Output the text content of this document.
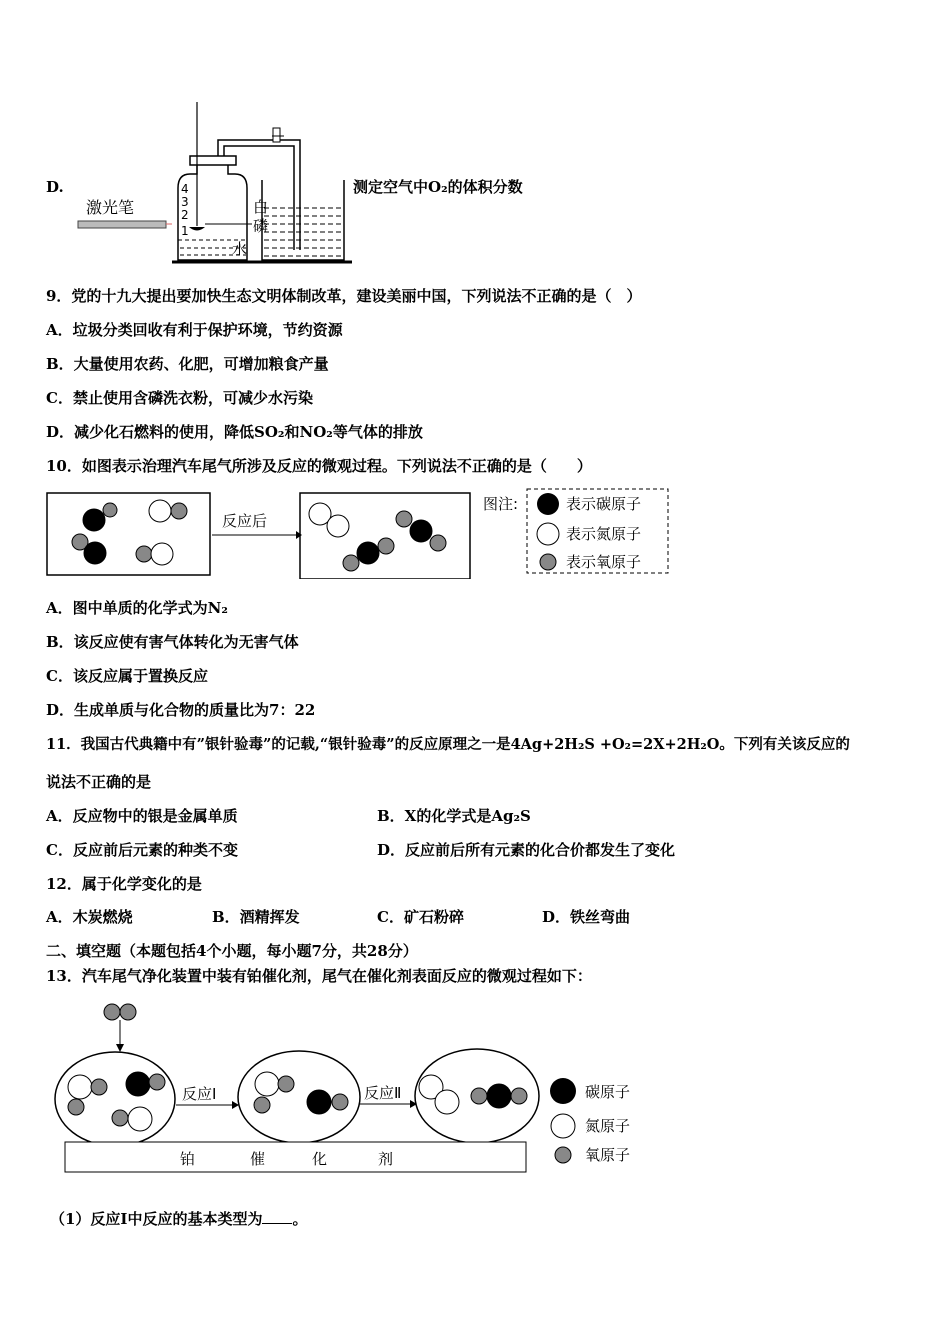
D.
激光笔
4
3
2
1
白
磷
水
测定空气中O₂的体积分数
9．党的十九大提出要加快生态文明体制改革，建设美丽中国，下列说法不正确的是（　）
A．垃圾分类回收有利于保护环境，节约资源
B．大量使用农药、化肥，可增加粮食产量
C．禁止使用含磷洗衣粉，可减少水污染
D．减少化石燃料的使用，降低SO₂和NO₂等气体的排放
10．如图表示治理汽车尾气所涉及反应的微观过程。下列说法不正确的是（　　）
反应后
图注:	表示碳原子
表示氮原子
表示氧原子
A．图中单质的化学式为N₂
B．该反应使有害气体转化为无害气体
C．该反应属于置换反应
D．生成单质与化合物的质量比为7：22
11．我国古代典籍中有”银针验毒”的记载,“银针验毒”的反应原理之一是4Ag+2H₂S +O₂=2X+2H₂O。下列有关该反应的
说法不正确的是
A．反应物中的银是金属单质	B．X的化学式是Ag₂S
C．反应前后元素的种类不变	D．反应前后所有元素的化合价都发生了变化
12．属于化学变化的是
A．木炭燃烧	B．酒精挥发	C．矿石粉碎	D．铁丝弯曲
二、填空题（本题包括4个小题，每小题7分，共28分）
13．汽车尾气净化装置中装有铂催化剂，尾气在催化剂表面反应的微观过程如下：
反应Ⅰ	反应Ⅱ
铂	催	化	剂
碳原子
氮原子
氧原子
（1）反应Ⅰ中反应的基本类型为 。
